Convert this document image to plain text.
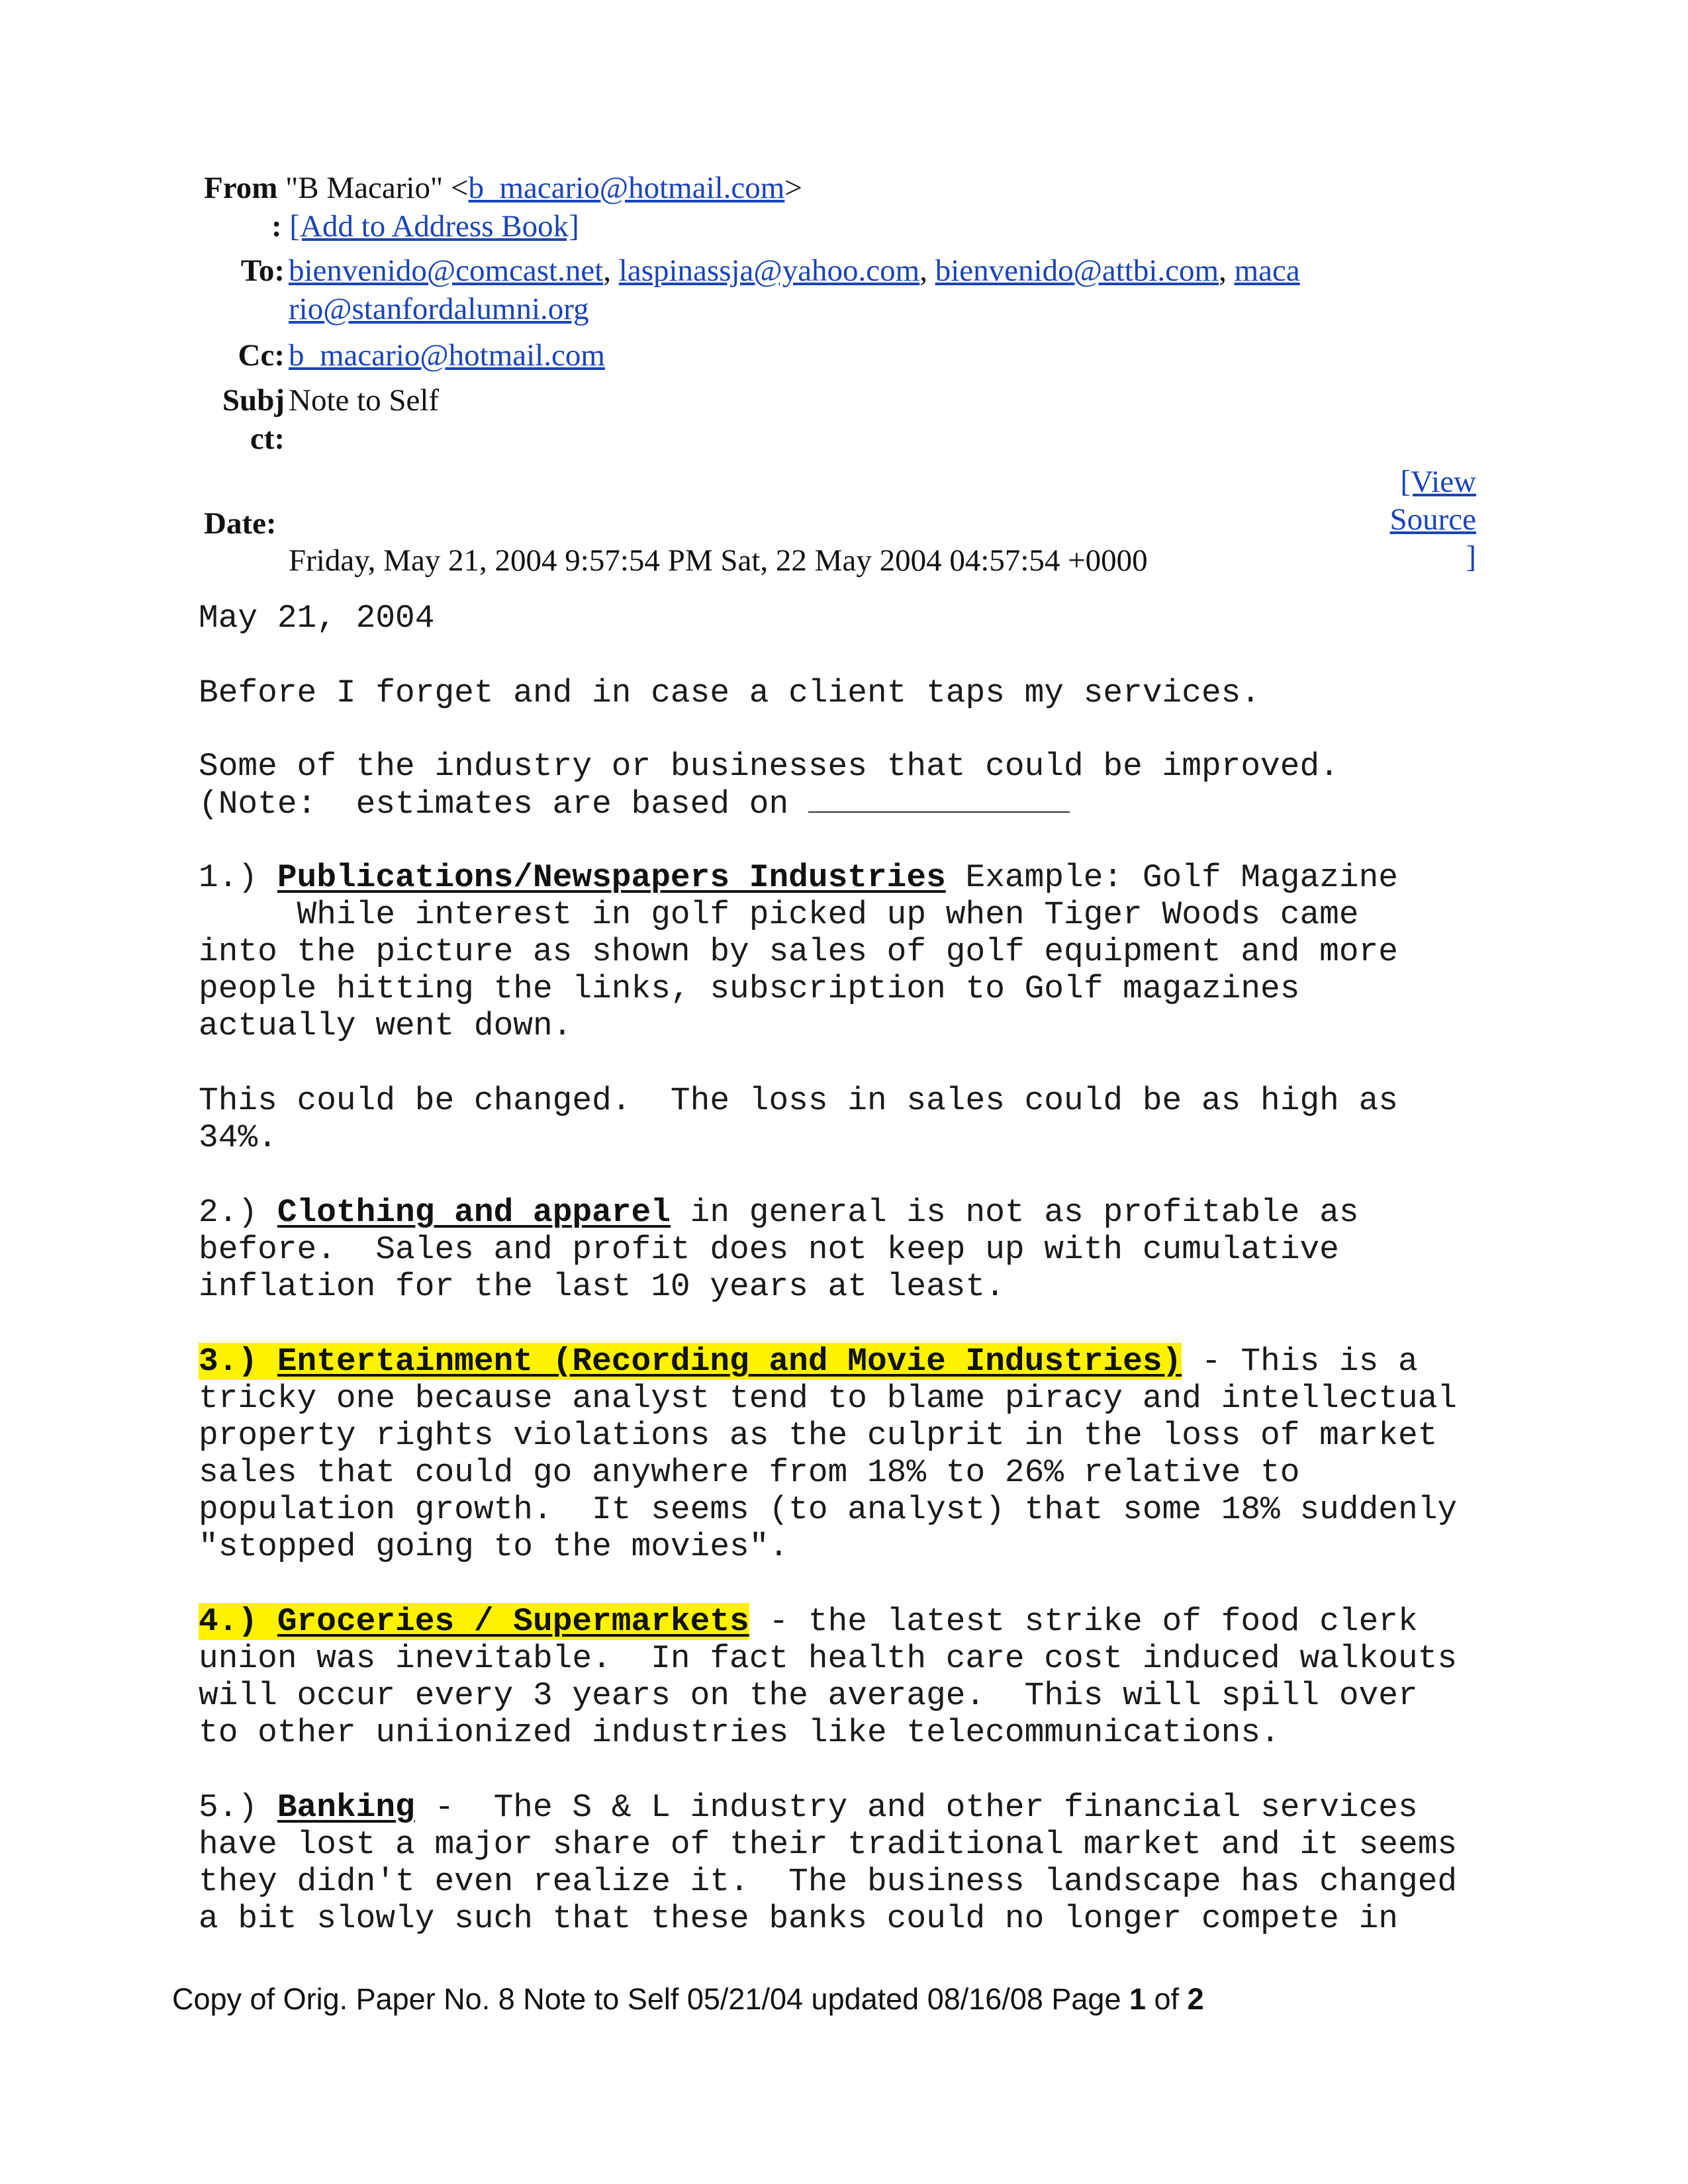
From "B Macario" <b_macario@hotmail.com>
: [Add to Address Book]
To: bienvenido@comcast.net, laspinassja@yahoo.com, bienvenido@attbi.com, maca
rio@stanfordalumni.org
Cc: b_macario@hotmail.com
Subj
ct:
Note to Self
Date:
Friday, May 21, 2004 9:57:54 PM Sat, 22 May 2004 04:57:54 +0000
[View
Source
]
May 21, 2004
Before I forget and in case a client taps my services.
Some of the industry or businesses that could be improved.
(Note:  estimates are based on
1.) Publications/Newspapers Industries Example: Golf Magazine
While interest in golf picked up when Tiger Woods came
into the picture as shown by sales of golf equipment and more
people hitting the links, subscription to Golf magazines
actually went down.
This could be changed.  The loss in sales could be as high as
34%.
2.) Clothing and apparel in general is not as profitable as
before.  Sales and profit does not keep up with cumulative
inflation for the last 10 years at least.
3.) Entertainment (Recording and Movie Industries) - This is a
tricky one because analyst tend to blame piracy and intellectual
property rights violations as the culprit in the loss of market
sales that could go anywhere from 18% to 26% relative to
population growth.  It seems (to analyst) that some 18% suddenly
"stopped going to the movies".
4.) Groceries / Supermarkets - the latest strike of food clerk
union was inevitable.  In fact health care cost induced walkouts
will occur every 3 years on the average.  This will spill over
to other uniionized industries like telecommunications.
5.) Banking -  The S & L industry and other financial services
have lost a major share of their traditional market and it seems
they didn't even realize it.  The business landscape has changed
a bit slowly such that these banks could no longer compete in
Copy of Orig. Paper No. 8 Note to Self 05/21/04 updated 08/16/08 Page 1 of 2
